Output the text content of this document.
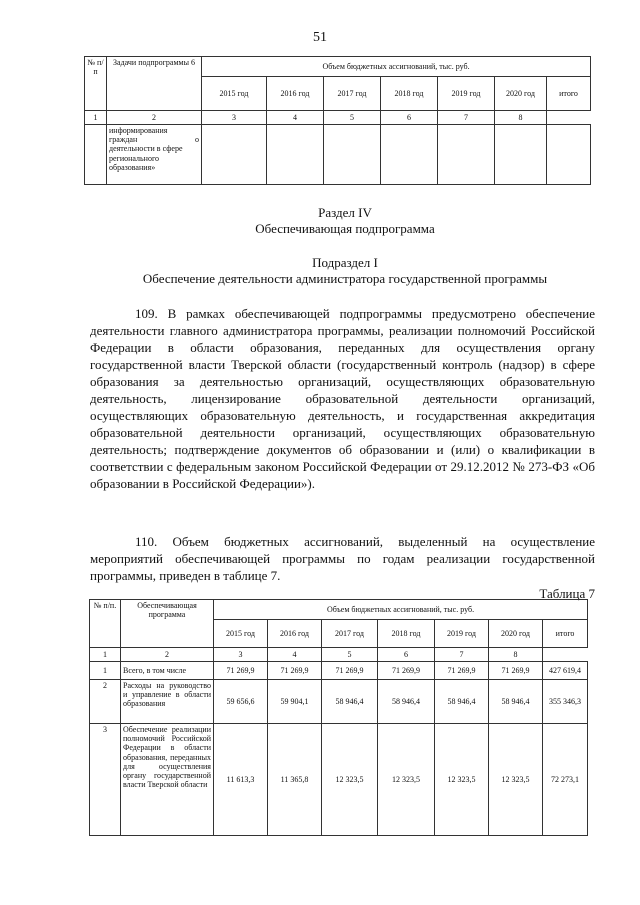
51
№ п/п	Задачи подпрограммы 6	Объем бюджетных ассигнований, тыс. руб.						
		2015 год	2016 год	2017 год	2018 год	2019 год	2020 год	итого
1	2	3	4	5	6	7	8	

	информирования
граждан о
деятельности в сфере
регионального
образования»							

Раздел IV
Обеспечивающая подпрограмма
Подраздел I
Обеспечение деятельности администратора государственной программы

109. В рамках обеспечивающей подпрограммы предусмотрено обеспечение деятельности главного администратора программы, реализации полномочий Российской Федерации в области образования, переданных для осуществления органу государственной власти Тверской области (государственный контроль (надзор) в сфере образования за деятельностью организаций, осуществляющих образовательную деятельность, лицензирование образовательной деятельности организаций, осуществляющих образовательную деятельность, и государственная аккредитация образовательной деятельности организаций, осуществляющих образовательную деятельность; подтверждение документов об образовании и (или) о квалификации в соответствии с федеральным законом Российской Федерации от 29.12.2012 № 273-ФЗ «Об образовании в Российской Федерации»).

110. Объем бюджетных ассигнований, выделенный на осуществление мероприятий обеспечивающей программы по годам реализации государственной программы, приведен в таблице 7.

Таблица 7
№ п/п.	Обеспечивающая программа	Объем бюджетных ассигнований, тыс. руб.						
		2015 год	2016 год	2017 год	2018 год	2019 год	2020 год	итого
1	2	3	4	5	6	7	8	
1	Всего, в том числе	71 269,9	71 269,9	71 269,9	71 269,9	71 269,9	71 269,9	427 619,4
2	Расходы на руководство и управление в области образования	59 656,6	59 904,1	58 946,4	58 946,4	58 946,4	58 946,4	355 346,3
3	Обеспечение реализации полномочий Российской Федерации в области образования, переданных для осуществления органу государственной власти Тверской области	11 613,3	11 365,8	12 323,5	12 323,5	12 323,5	12 323,5	72 273,1
